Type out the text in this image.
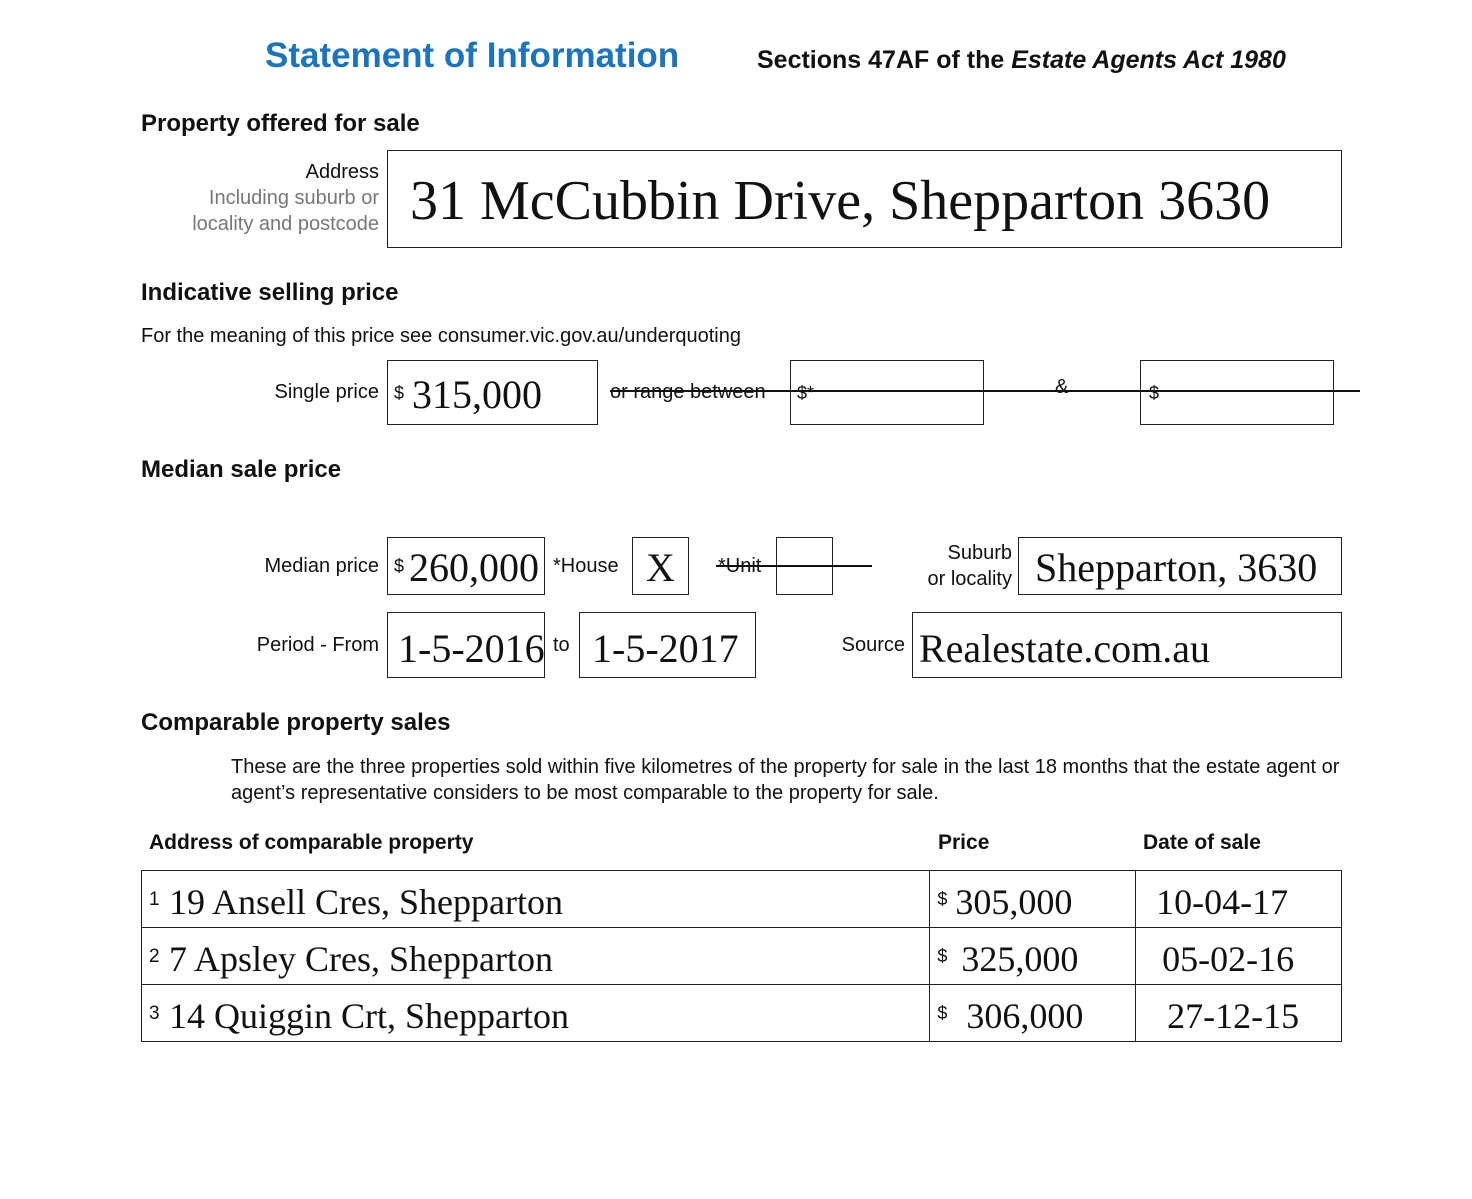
Statement of Information	Sections 47AF of the Estate Agents Act 1980
Property offered for sale
Address
Including suburb or
locality and postcode 31 McCubbin Drive, Shepparton 3630
Indicative selling price
For the meaning of this price see consumer.vic.gov.au/underquoting
Single price $ 315,000	or range between $*	&	$
Median sale price
Median price $ 260,000 *House X *Unit
Suburb
or locality Shepparton, 3630
Period - From 1-5-2016 to 1-5-2017	Source Realestate.com.au
Comparable property sales
These are the three properties sold within five kilometres of the property for sale in the last 18 months that the estate agent or agent’s representative considers to be most comparable to the property for sale.
Address of comparable property	Price	Date of sale
1 19 Ansell Cres, Shepparton	$ 305,000	10-04-17

2 7 Apsley Cres, Shepparton	$ 325,000	05-02-16

3 14 Quiggin Crt, Shepparton	$ 306,000	27-12-15
